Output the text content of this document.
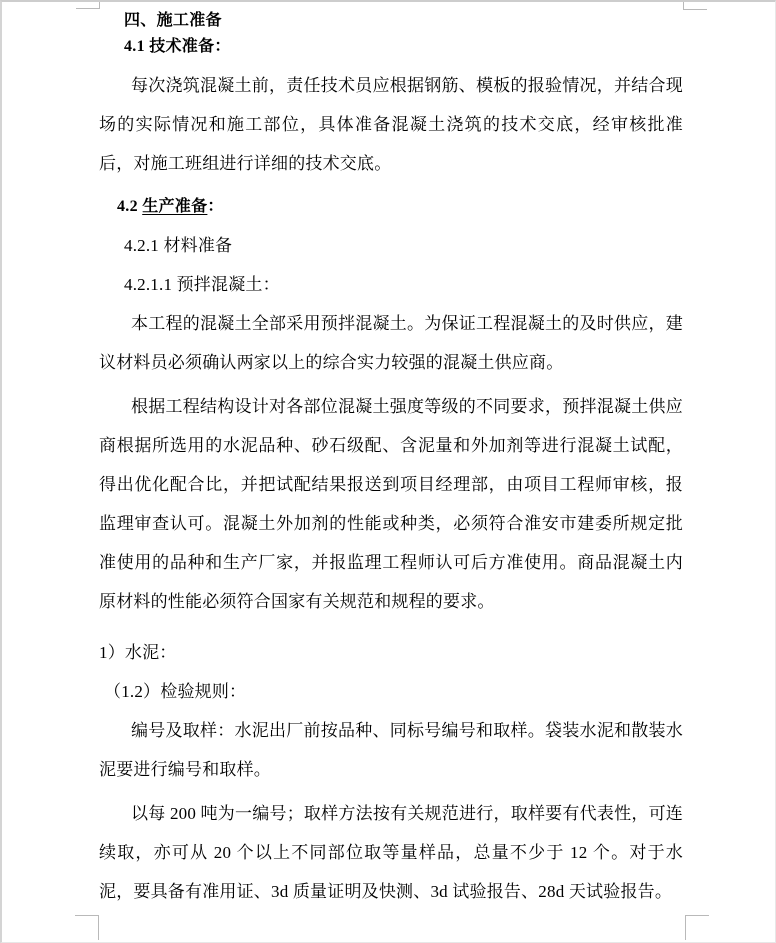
四、施工准备

4.1 技术准备：

每次浇筑混凝土前，责任技术员应根据钢筋、模板的报验情况，并结合现场的实际情况和施工部位，具体准备混凝土浇筑的技术交底，经审核批准后，对施工班组进行详细的技术交底。

4.2 生产准备：

4.2.1 材料准备

4.2.1.1 预拌混凝土：

本工程的混凝土全部采用预拌混凝土。为保证工程混凝土的及时供应，建议材料员必须确认两家以上的综合实力较强的混凝土供应商。

根据工程结构设计对各部位混凝土强度等级的不同要求，预拌混凝土供应商根据所选用的水泥品种、砂石级配、含泥量和外加剂等进行混凝土试配，得出优化配合比，并把试配结果报送到项目经理部，由项目工程师审核，报监理审查认可。混凝土外加剂的性能或种类，必须符合淮安市建委所规定批准使用的品种和生产厂家，并报监理工程师认可后方准使用。商品混凝土内原材料的性能必须符合国家有关规范和规程的要求。

1）水泥：

（1.2）检验规则：

编号及取样：水泥出厂前按品种、同标号编号和取样。袋装水泥和散装水泥要进行编号和取样。

以每 200 吨为一编号；取样方法按有关规范进行，取样要有代表性，可连续取，亦可从 20 个以上不同部位取等量样品，总量不少于 12 个。对于水泥，要具备有准用证、3d 质量证明及快测、3d 试验报告、28d 天试验报告。
